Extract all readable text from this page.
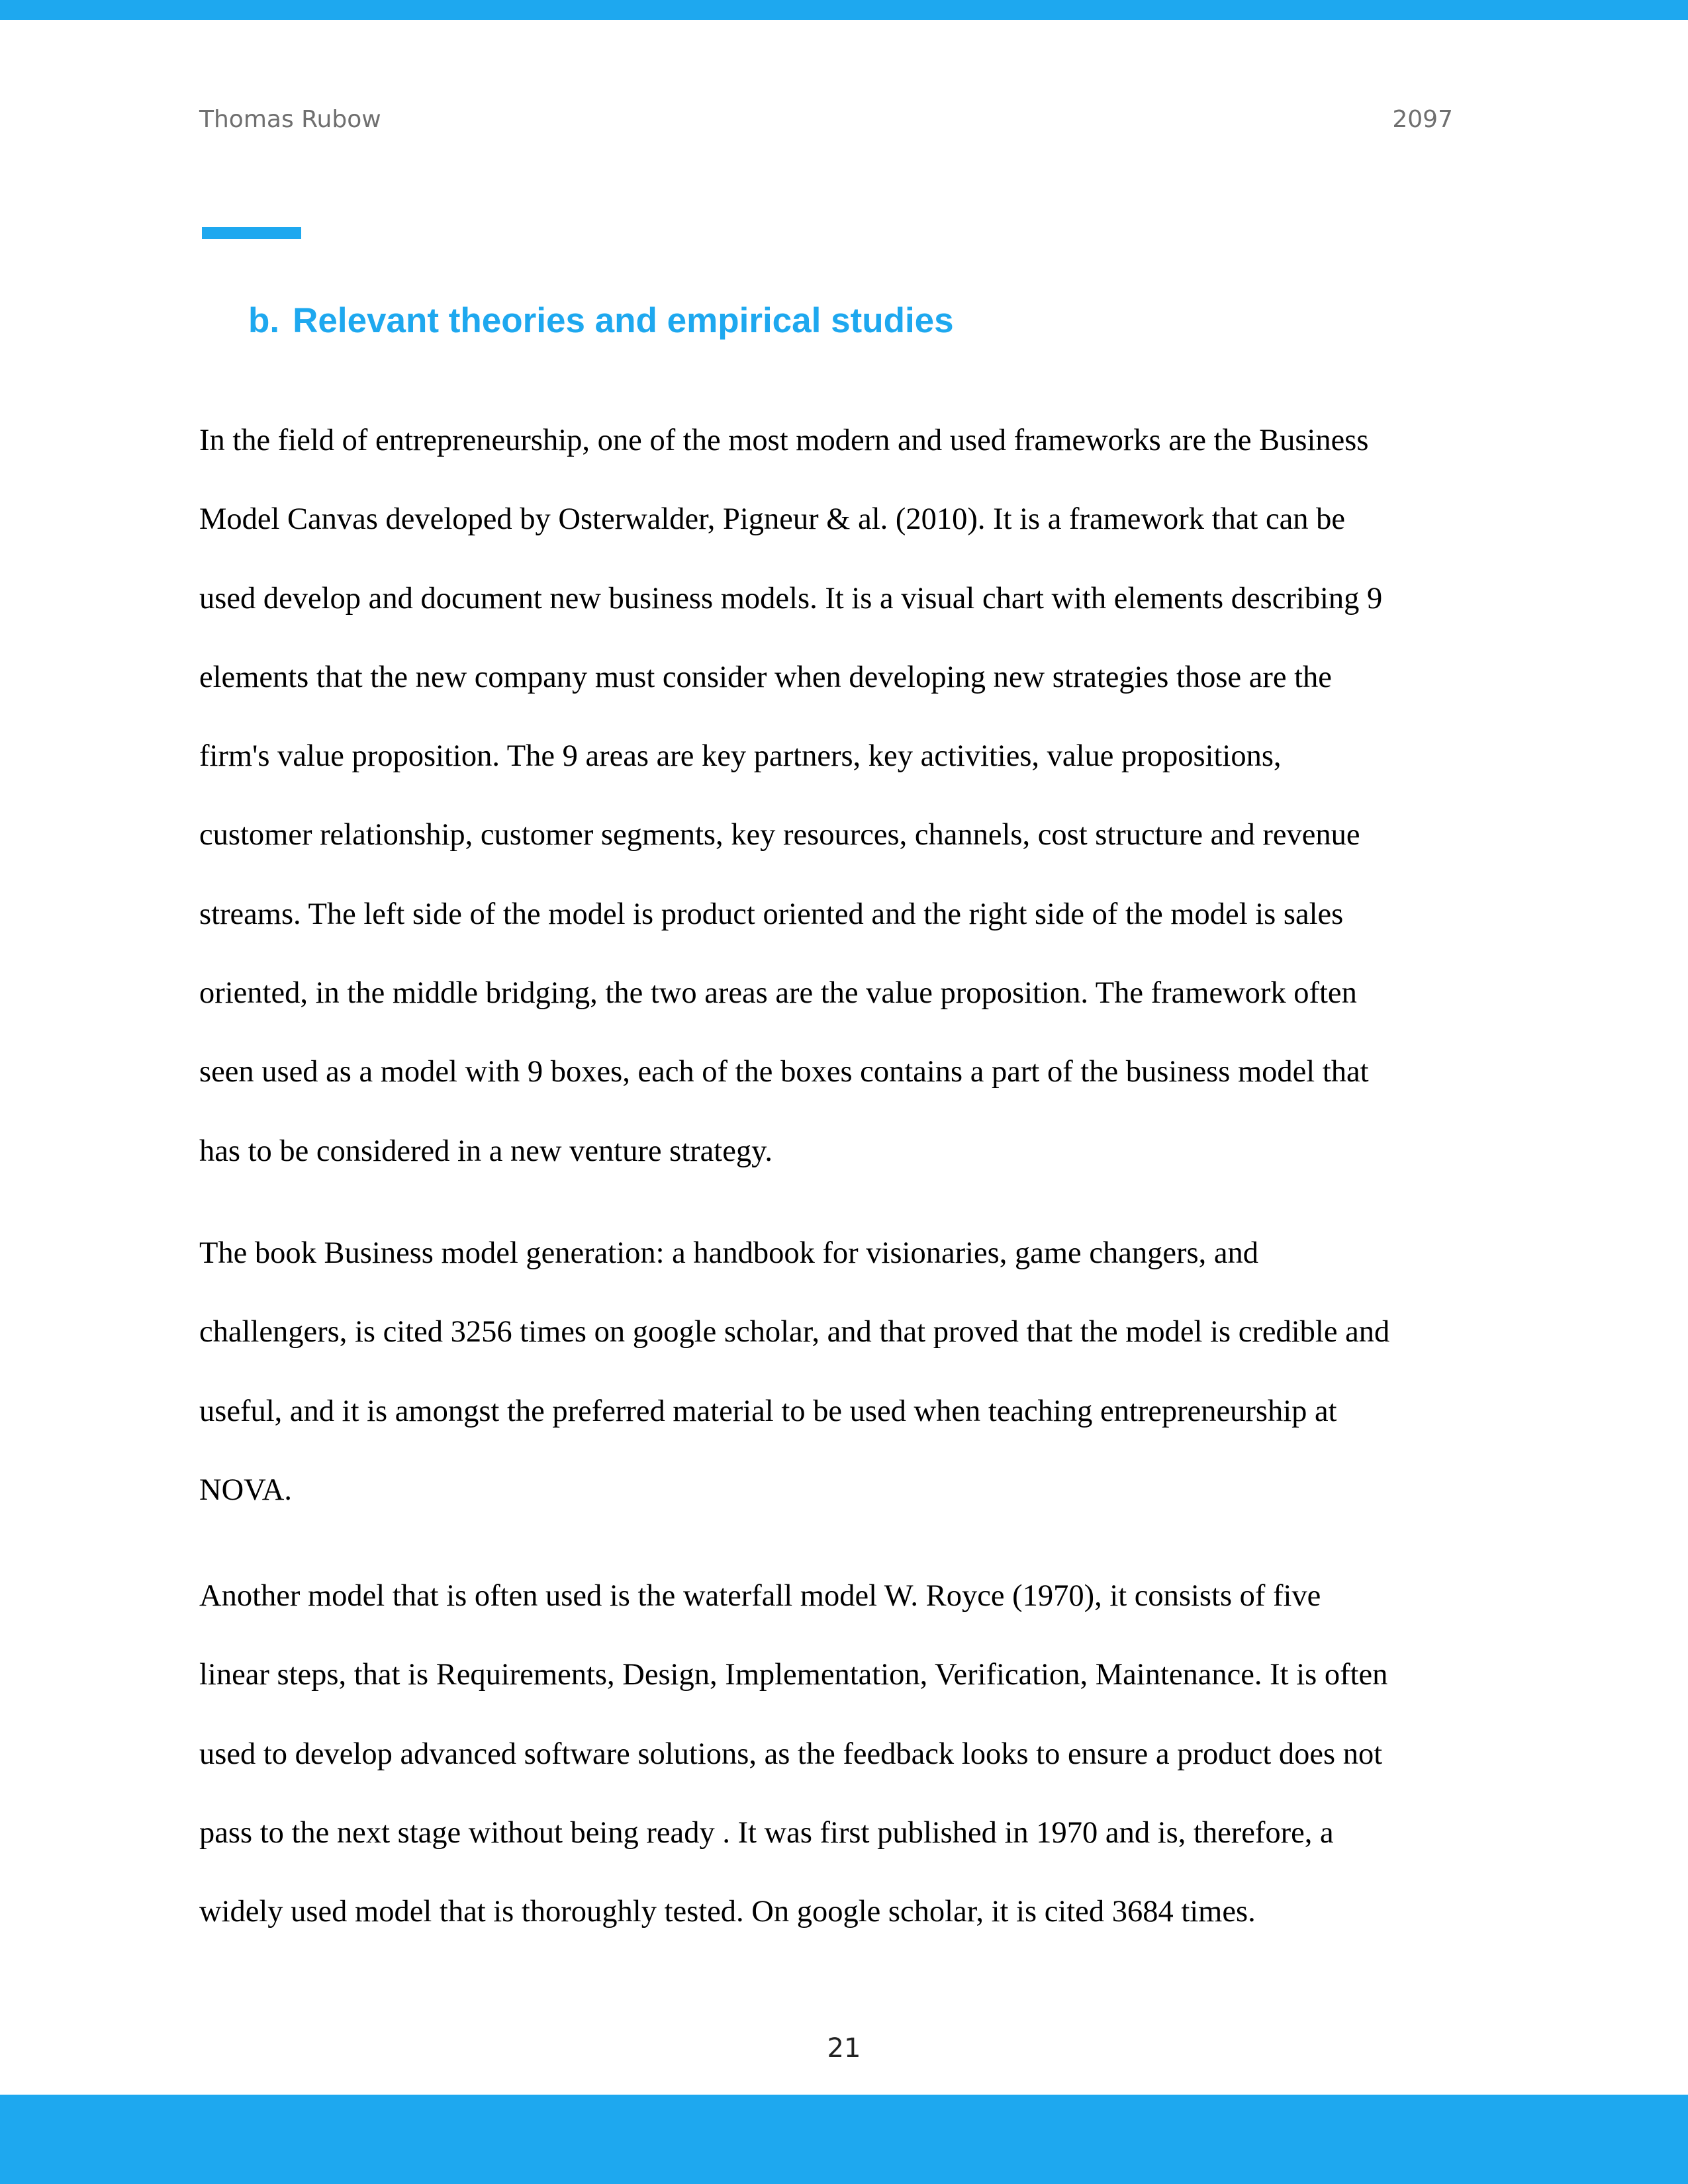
Thomas Rubow	2097
b. Relevant theories and empirical studies

In the field of entrepreneurship, one of the most modern and used frameworks are the Business
Model Canvas developed by Osterwalder, Pigneur & al. (2010). It is a framework that can be
used develop and document new business models. It is a visual chart with elements describing 9
elements that the new company must consider when developing new strategies those are the
firm's value proposition. The 9 areas are key partners, key activities, value propositions,
customer relationship, customer segments, key resources, channels, cost structure and revenue
streams. The left side of the model is product oriented and the right side of the model is sales
oriented, in the middle bridging, the two areas are the value proposition. The framework often
seen used as a model with 9 boxes, each of the boxes contains a part of the business model that
has to be considered in a new venture strategy.

The book Business model generation: a handbook for visionaries, game changers, and
challengers, is cited 3256 times on google scholar, and that proved that the model is credible and
useful, and it is amongst the preferred material to be used when teaching entrepreneurship at
NOVA.

Another model that is often used is the waterfall model W. Royce (1970), it consists of five
linear steps, that is Requirements, Design, Implementation, Verification, Maintenance. It is often
used to develop advanced software solutions, as the feedback looks to ensure a product does not
pass to the next stage without being ready . It was first published in 1970 and is, therefore, a
widely used model that is thoroughly tested. On google scholar, it is cited 3684 times.

21
